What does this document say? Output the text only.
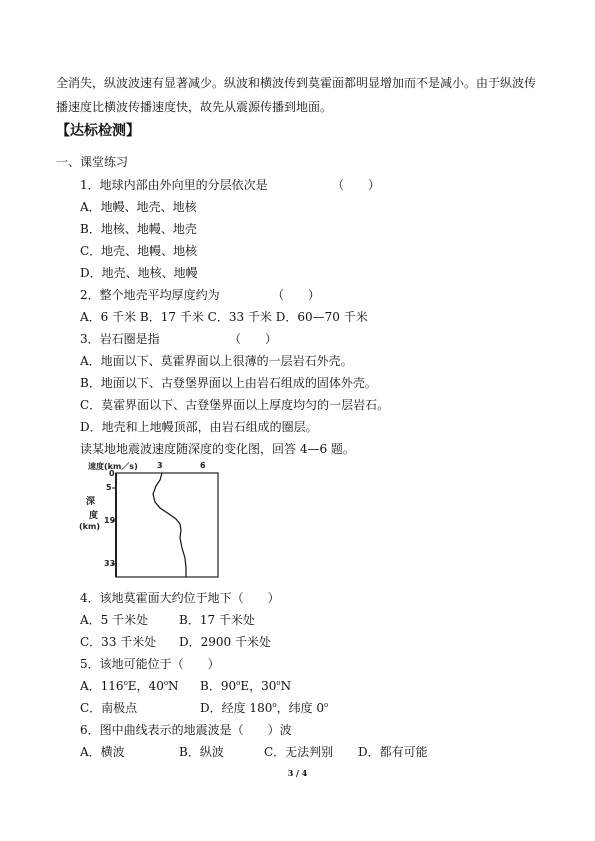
全消失，纵波波速有显著减少。纵波和横波传到莫霍面都明显增加而不是减小。由于纵波传
播速度比横波传播速度快，故先从震源传播到地面。
【达标检测】
一、课堂练习
1．地球内部由外向里的分层依次是	（　　）
A．地幔、地壳、地核
B．地核、地幔、地壳
C．地壳、地幔、地核
D．地壳、地核、地幔
2．整个地壳平均厚度约为	（　　）
A．6 千米 B．17 千米 C．33 千米 D．60—70 千米
3．岩石圈是指	（　　）
A．地面以下、莫霍界面以上很薄的一层岩石外壳。
B．地面以下、古登堡界面以上由岩石组成的固体外壳。
C．莫霍界面以下、古登堡界面以上厚度均匀的一层岩石。
D．地壳和上地幔顶部，由岩石组成的圈层。
读某地地震波速度随深度的变化图，回答 4—6 题。
速度(km／s) 3	6
0
5
深
度 19
(km)
33
4．该地莫霍面大约位于地下（　　）
A．5 千米处	B．17 千米处
C．33 千米处 D．2900 千米处
5．该地可能位于（　　）
A．116$^o$E，40$^o$N B．90$^o$E，30$^o$N
C．南极点	D．经度 180$^o$，纬度 0$^o$
6．图中曲线表示的地震波是（　　）波
A．横波	B．纵波	C．无法判别 D．都有可能
3 / 4
